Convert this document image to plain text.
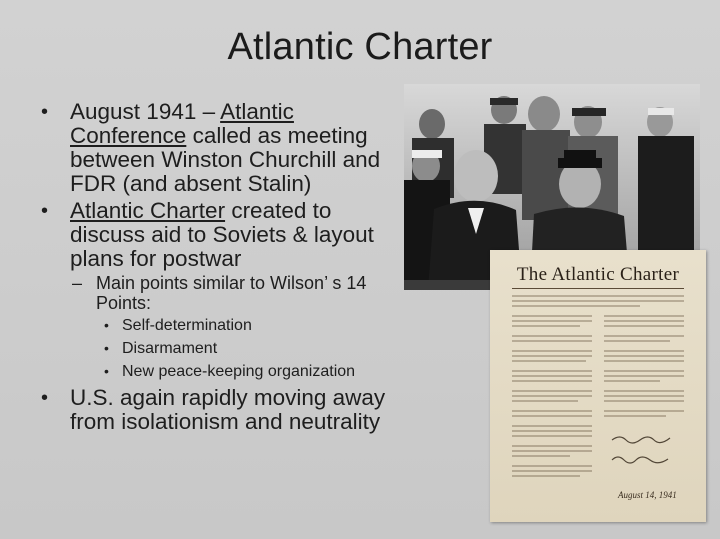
Atlantic Charter
• August 1941 – Atlantic Conference called as meeting between Winston Churchill and FDR (and absent Stalin)
• Atlantic Charter created to discuss aid to Soviets & layout plans for postwar
– Main points similar to Wilson’ s 14 Points:
• Self-determination
• Disarmament
• New peace-keeping organization
• U.S. again rapidly moving away from isolationism and neutrality
The Atlantic Charter
August 14, 1941
